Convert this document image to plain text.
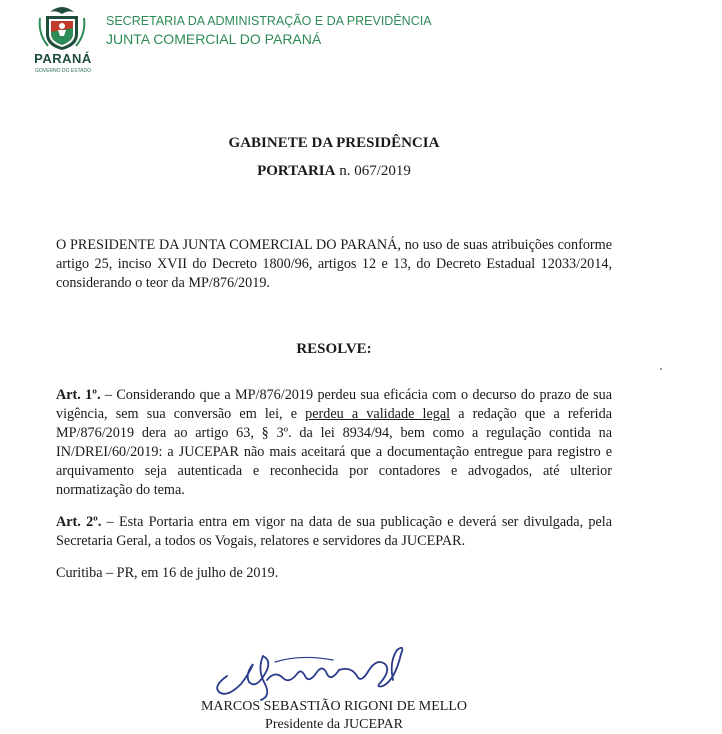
PARANÁ
GOVERNO DO ESTADO
SECRETARIA DA ADMINISTRAÇÃO E DA PREVIDÊNCIA
JUNTA COMERCIAL DO PARANÁ
GABINETE DA PRESIDÊNCIA
PORTARIA n. 067/2019
O PRESIDENTE DA JUNTA COMERCIAL DO PARANÁ, no uso de suas atribuições conforme artigo 25, inciso XVII do Decreto 1800/96, artigos 12 e 13, do Decreto Estadual 12033/2014, considerando o teor da MP/876/2019.
RESOLVE:
Art. 1º. – Considerando que a MP/876/2019 perdeu sua eficácia com o decurso do prazo de sua vigência, sem sua conversão em lei, e perdeu a validade legal a redação que a referida MP/876/2019 dera ao artigo 63, § 3º. da lei 8934/94, bem como a regulação contida na IN/DREI/60/2019: a JUCEPAR não mais aceitará que a documentação entregue para registro e arquivamento seja autenticada e reconhecida por contadores e advogados, até ulterior normatização do tema.
Art. 2º. – Esta Portaria entra em vigor na data de sua publicação e deverá ser divulgada, pela Secretaria Geral, a todos os Vogais, relatores e servidores da JUCEPAR.
Curitiba – PR, em 16 de julho de 2019.
MARCOS SEBASTIÃO RIGONI DE MELLO
Presidente da JUCEPAR
